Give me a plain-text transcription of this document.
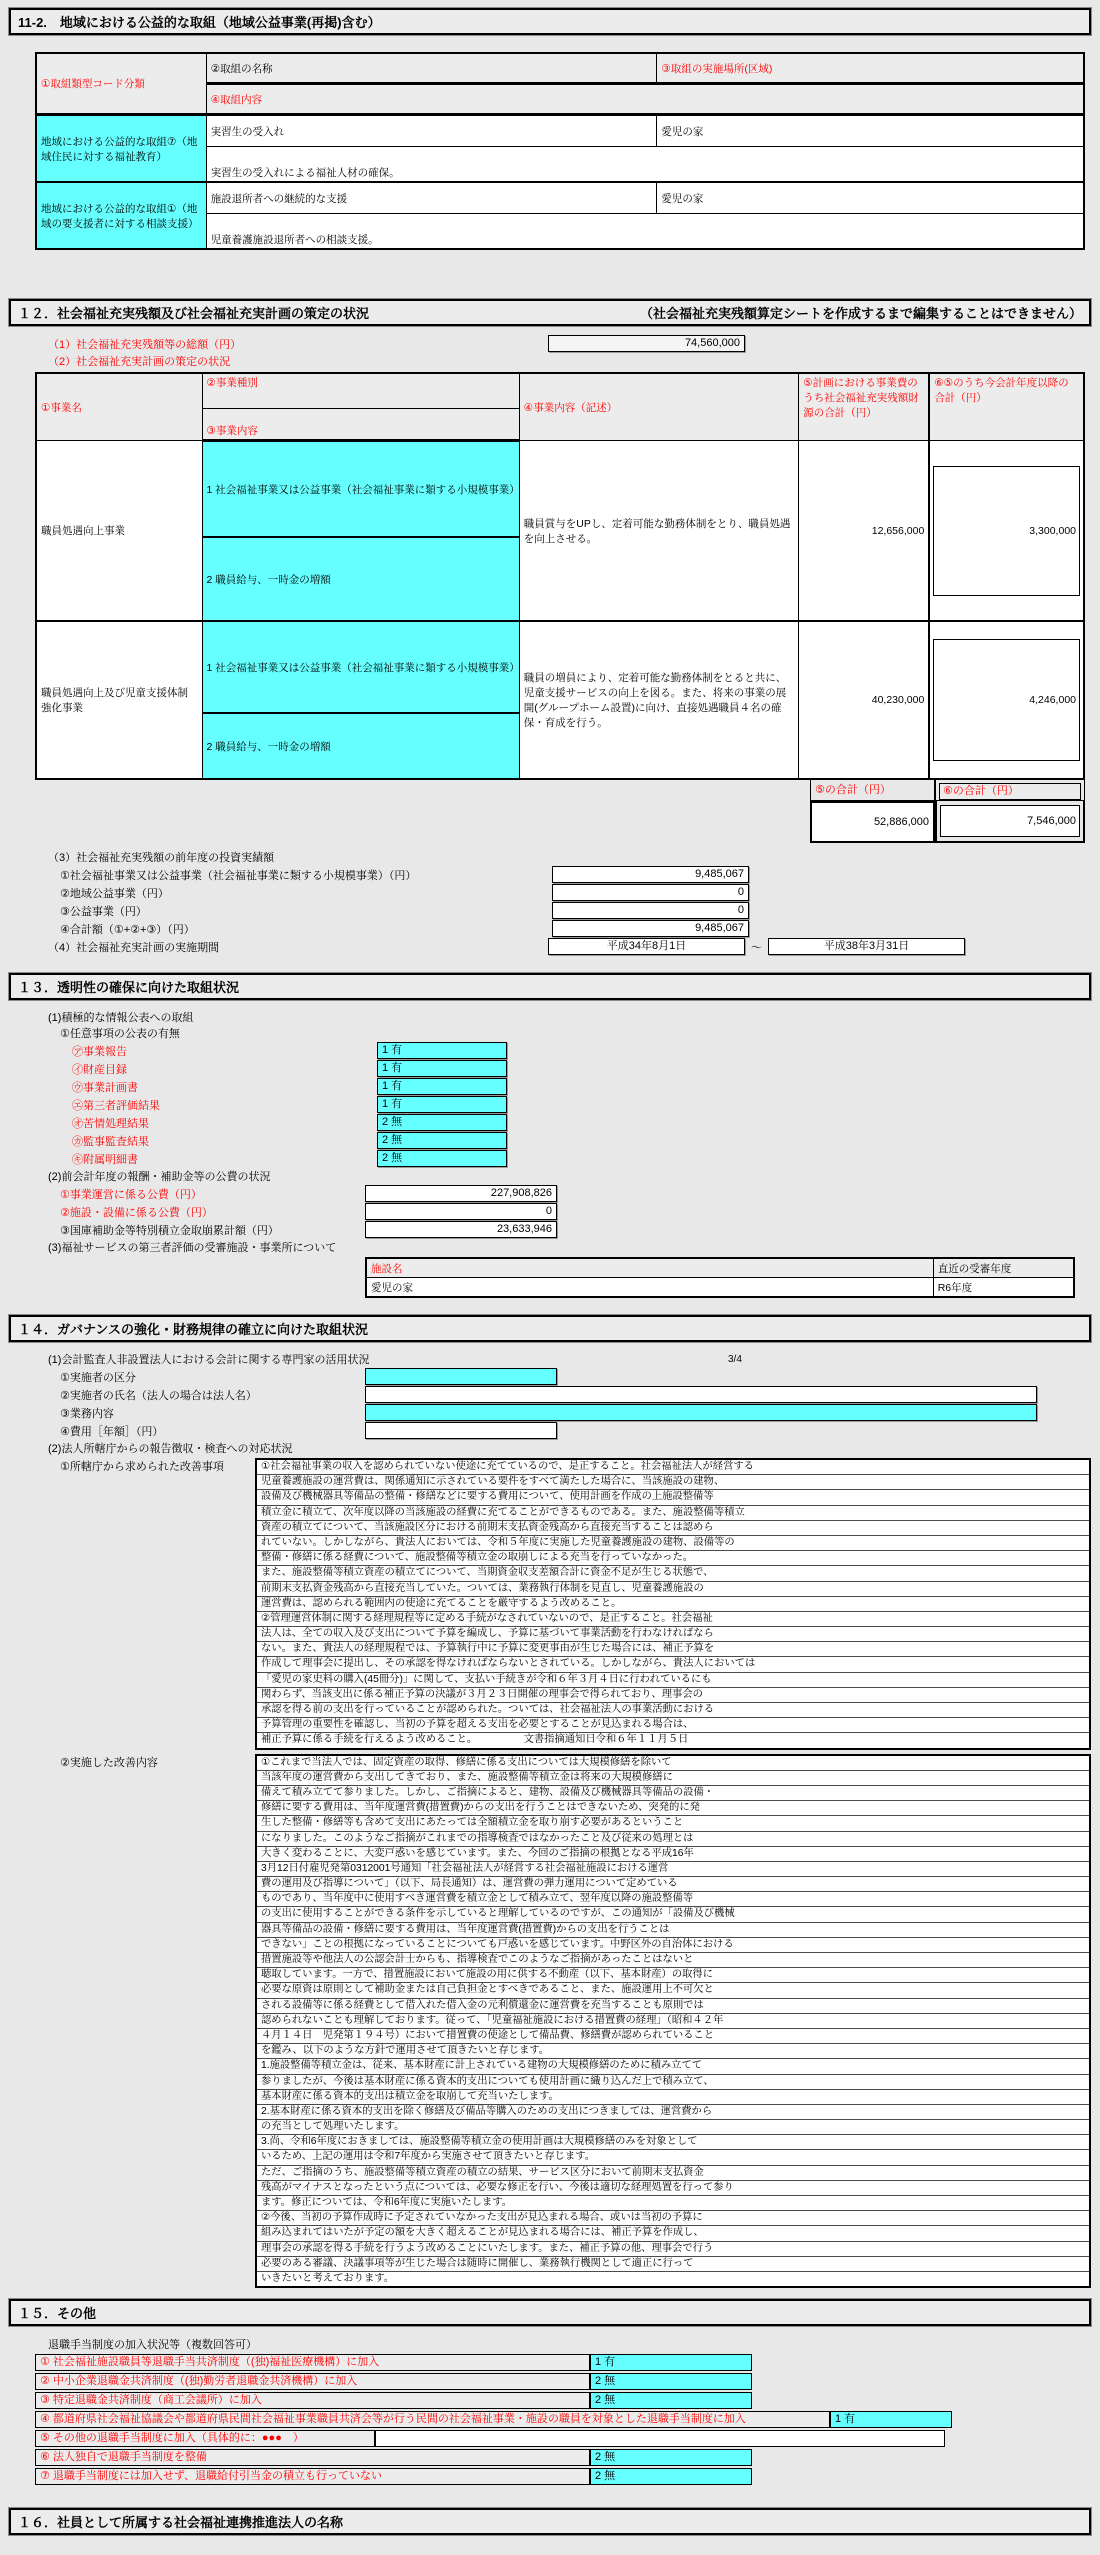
11-2.　地域における公益的な取組（地域公益事業(再掲)含む）
①取組類型コード分類	②取組の名称	③取組の実施場所(区域)
	④取組内容	
地域における公益的な取組⑦（地域住民に対する福祉教育）	実習生の受入れ	愛児の家
	実習生の受入れによる福祉人材の確保。	
地域における公益的な取組①（地域の要支援者に対する相談支援）	施設退所者への継続的な支援	愛児の家
	児童養護施設退所者への相談支援。	
１２．社会福祉充実残額及び社会福祉充実計画の策定の状況	（社会福祉充実残額算定シートを作成するまで編集することはできません）
（1）社会福祉充実残額等の総額（円）	74,560,000
（2）社会福祉充実計画の策定の状況
①事業名	②事業種別	④事業内容（記述）	⑤計画における事業費のうち社会福祉充実残額財源の合計（円）	⑥⑤のうち今会計年度以降の合計（円）
	③事業内容			
職員処遇向上事業	1 社会福祉事業又は公益事業（社会福祉事業に類する小規模事業）	職員賞与をUPし、定着可能な勤務体制をとり、職員処遇を向上させる。	12,656,000	3,300,000

	2 職員給与、一時金の増額			
職員処遇向上及び児童支援体制強化事業	1 社会福祉事業又は公益事業（社会福祉事業に類する小規模事業）	職員の増員により、定着可能な勤務体制をとると共に、児童支援サービスの向上を図る。また、将来の事業の展開(グループホーム設置)に向け、直接処遇職員４名の確保・育成を行う。	40,230,000	4,246,000

	2 職員給与、一時金の増額			
⑤の合計（円）
52,886,000
⑥の合計（円）
7,546,000
（3）社会福祉充実残額の前年度の投資実績額
①社会福祉事業又は公益事業（社会福祉事業に類する小規模事業）（円）	9,485,067
②地域公益事業（円）	0
③公益事業（円）	0
④合計額（①+②+③）（円）	9,485,067
（4）社会福祉充実計画の実施期間	平成34年8月1日	～	平成38年3月31日
１３．透明性の確保に向けた取組状況
(1)積極的な情報公表への取組
①任意事項の公表の有無
㋐事業報告	1 有
㋑財産目録	1 有
㋒事業計画書	1 有
㋓第三者評価結果	1 有
㋔苦情処理結果	2 無
㋕監事監査結果	2 無
㋖附属明細書	2 無
(2)前会計年度の報酬・補助金等の公費の状況
①事業運営に係る公費（円）	227,908,826
②施設・設備に係る公費（円）	0
③国庫補助金等特別積立金取崩累計額（円）	23,633,946
(3)福祉サービスの第三者評価の受審施設・事業所について
施設名	直近の受審年度
愛児の家	R6年度
１４．ガバナンスの強化・財務規律の確立に向けた取組状況
(1)会計監査人非設置法人における会計に関する専門家の活用状況	3/4
①実施者の区分
②実施者の氏名（法人の場合は法人名）
③業務内容
④費用［年額］（円）
(2)法人所轄庁からの報告徴収・検査への対応状況
①所轄庁から求められた改善事項	①社会福祉事業の収入を認められていない使途に充てているので、是正すること。社会福祉法人が経営する
児童養護施設の運営費は、関係通知に示されている要件をすべて満たした場合に、当該施設の建物、
設備及び機械器具等備品の整備・修繕などに要する費用について、使用計画を作成の上施設整備等
積立金に積立て、次年度以降の当該施設の経費に充てることができるものである。また、施設整備等積立
資産の積立てについて、当該施設区分における前期末支払資金残高から直接充当することは認めら
れていない。しかしながら、貴法人においては、令和５年度に実施した児童養護施設の建物、設備等の
整備・修繕に係る経費について、施設整備等積立金の取崩しによる充当を行っていなかった。
また、施設整備等積立資産の積立てについて、当期資金収支差額合計に資金不足が生じる状態で、
前期末支払資金残高から直接充当していた。ついては、業務執行体制を見直し、児童養護施設の
運営費は、認められる範囲内の使途に充てることを厳守するよう改めること。
②管理運営体制に関する経理規程等に定める手続がなされていないので、是正すること。社会福祉
法人は、全ての収入及び支出について予算を編成し、予算に基づいて事業活動を行わなければなら
ない。また、貴法人の経理規程では、予算執行中に予算に変更事由が生じた場合には、補正予算を
作成して理事会に提出し、その承認を得なければならないとされている。しかしながら、貴法人においては
「愛児の家史料の購入(45冊分)」に関して、支払い手続きが令和６年３月４日に行われているにも
関わらず、当該支出に係る補正予算の決議が３月２３日開催の理事会で得られており、理事会の
承認を得る前の支出を行っていることが認められた。ついては、社会福祉法人の事業活動における
予算管理の重要性を確認し、当初の予算を超える支出を必要とすることが見込まれる場合は、
補正予算に係る手続を行えるよう改めること。　　　　　文書指摘通知日令和６年１１月５日
②実施した改善内容	①これまで当法人では、固定資産の取得、修繕に係る支出については大規模修繕を除いて
当該年度の運営費から支出してきており、また、施設整備等積立金は将来の大規模修繕に
備えて積み立てて参りました。しかし、ご指摘によると、建物、設備及び機械器具等備品の設備・
修繕に要する費用は、当年度運営費(措置費)からの支出を行うことはできないため、突発的に発
生した整備・修繕等も含めて支出にあたっては全額積立金を取り崩す必要があるということ
になりました。このようなご指摘がこれまでの指導検査ではなかったこと及び従来の処理とは
大きく変わることに、大変戸惑いを感じています。また、今回のご指摘の根拠となる平成16年
3月12日付雇児発第0312001号通知「社会福祉法人が経営する社会福祉施設における運営
費の運用及び指導について」（以下、局長通知）は、運営費の弾力運用について定めている
ものであり、当年度中に使用すべき運営費を積立金として積み立て、翌年度以降の施設整備等
の支出に使用することができる条件を示していると理解しているのですが、この通知が「設備及び機械
器具等備品の設備・修繕に要する費用は、当年度運営費(措置費)からの支出を行うことは
できない」ことの根拠になっていることについても戸惑いを感じています。中野区外の自治体における
措置施設等や他法人の公認会計士からも、指導検査でこのようなご指摘があったことはないと
聴取しています。一方で、措置施設において施設の用に供する不動産（以下、基本財産）の取得に
必要な原資は原則として補助金または自己負担金とすべきであること、また、施設運用上不可欠と
される設備等に係る経費として借入れた借入金の元利償還金に運営費を充当することも原則では
認められないことも理解しております。従って、「児童福祉施設における措置費の経理」（昭和４２年
４月１４日　児発第１９４号）において措置費の使途として備品費、修繕費が認められていること
を鑑み、以下のような方針で運用させて頂きたいと存じます。
1.施設整備等積立金は、従来、基本財産に計上されている建物の大規模修繕のために積み立てて
参りましたが、今後は基本財産に係る資本的支出についても使用計画に織り込んだ上で積み立て、
基本財産に係る資本的支出は積立金を取崩して充当いたします。
2.基本財産に係る資本的支出を除く修繕及び備品等購入のための支出につきましては、運営費から
の充当として処理いたします。
3.尚、令和6年度におきましては、施設整備等積立金の使用計画は大規模修繕のみを対象として
いるため、上記の運用は令和7年度から実施させて頂きたいと存じます。
ただ、ご指摘のうち、施設整備等積立資産の積立の結果、サービス区分において前期末支払資金
残高がマイナスとなったという点については、必要な修正を行い、今後は適切な経理処置を行って参り
ます。修正については、令和6年度に実施いたします。
②今後、当初の予算作成時に予定されていなかった支出が見込まれる場合、或いは当初の予算に
組み込まれてはいたが予定の額を大きく超えることが見込まれる場合には、補正予算を作成し、
理事会の承認を得る手続を行うよう改めることにいたします。また、補正予算の他、理事会で行う
必要のある審議、決議事項等が生じた場合は随時に開催し、業務執行機関として適正に行って
いきたいと考えております。
１５．その他
退職手当制度の加入状況等（複数回答可）
① 社会福祉施設職員等退職手当共済制度（(独)福祉医療機構）に加入	1 有
② 中小企業退職金共済制度（(独)勤労者退職金共済機構）に加入	2 無
③ 特定退職金共済制度（商工会議所）に加入	2 無
④ 都道府県社会福祉協議会や都道府県民間社会福祉事業職員共済会等が行う民間の社会福祉事業・施設の職員を対象とした退職手当制度に加入	1 有
⑤ その他の退職手当制度に加入（具体的に：●●●　）
⑥ 法人独自で退職手当制度を整備	2 無
⑦ 退職手当制度には加入せず、退職給付引当金の積立も行っていない	2 無
１６．社員として所属する社会福祉連携推進法人の名称
